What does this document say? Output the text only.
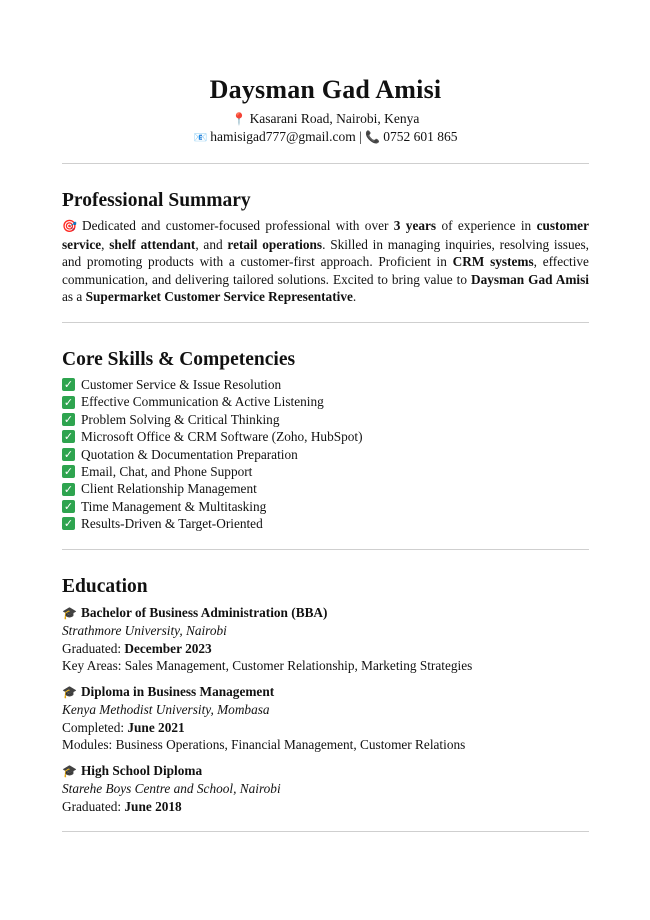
Daysman Gad Amisi
📍 Kasarani Road, Nairobi, Kenya
📧 hamisigad777@gmail.com | 📞 0752 601 865
Professional Summary

🎯 Dedicated and customer-focused professional with over 3 years of experience in customer service, shelf attendant, and retail operations. Skilled in managing inquiries, resolving issues, and promoting products with a customer-first approach. Proficient in CRM systems, effective communication, and delivering tailored solutions. Excited to bring value to Daysman Gad Amisi as a Supermarket Customer Service Representative.

Core Skills & Competencies
✓ Customer Service & Issue Resolution
✓ Effective Communication & Active Listening
✓ Problem Solving & Critical Thinking
✓ Microsoft Office & CRM Software (Zoho, HubSpot)
✓ Quotation & Documentation Preparation
✓ Email, Chat, and Phone Support
✓ Client Relationship Management
✓ Time Management & Multitasking
✓ Results-Driven & Target-Oriented
Education
🎓 Bachelor of Business Administration (BBA)
Strathmore University, Nairobi
Graduated: December 2023
Key Areas: Sales Management, Customer Relationship, Marketing Strategies
🎓 Diploma in Business Management
Kenya Methodist University, Mombasa
Completed: June 2021
Modules: Business Operations, Financial Management, Customer Relations
🎓 High School Diploma
Starehe Boys Centre and School, Nairobi
Graduated: June 2018
